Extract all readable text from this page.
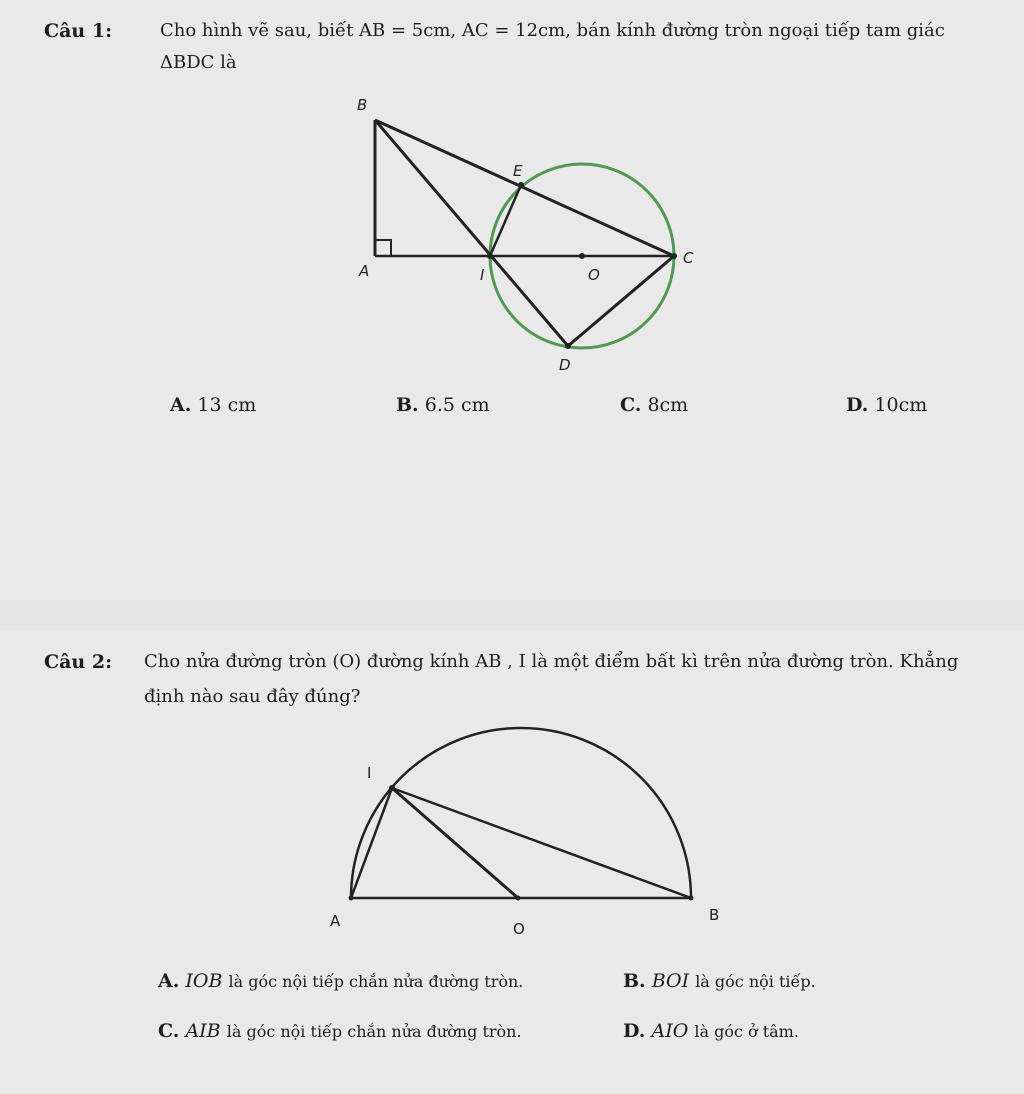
Câu 1:	Cho hình vẽ sau, biết AB = 5cm, AC = 12cm, bán kính đường tròn ngoại tiếp tam giác
ΔBDC là
B
E
A	I	O
C
D
A. 13 cm	B. 6.5 cm	C. 8cm	D. 10cm
Câu 2: Cho nửa đường tròn (O) đường kính AB , I là một điểm bất kì trên nửa đường tròn. Khẳng
định nào sau đây đúng?
I
A	O
B
A. IOB là góc nội tiếp chắn nửa đường tròn.	B. BOI là góc nội tiếp.
C. AIB là góc nội tiếp chắn nửa đường tròn.	D. AIO là góc ở tâm.
